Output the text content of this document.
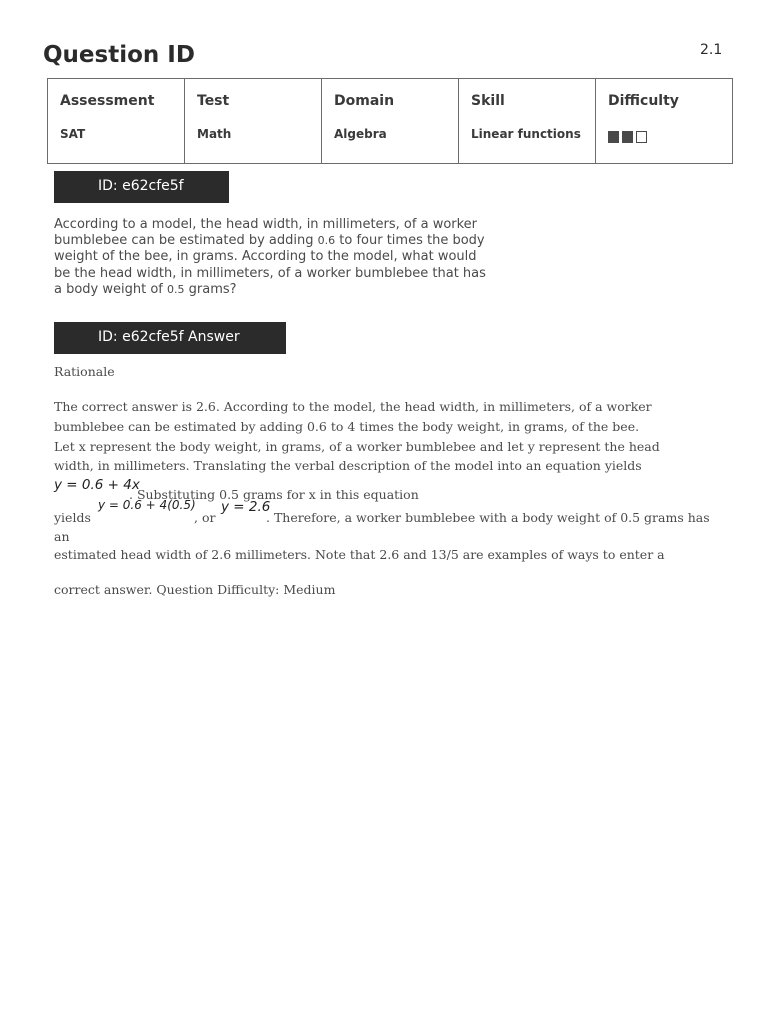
Question ID	2.1
Assessment	Test	Domain	Skill	Difficulty
SAT	Math	Algebra	Linear functions	
ID: e62cfe5f

According to a model, the head width, in millimeters, of a worker bumblebee can be estimated by adding 0.6 to four times the body weight of the bee, in grams. According to the model, what would be the head width, in millimeters, of a worker bumblebee that has a body weight of 0.5 grams?

ID: e62cfe5f Answer
Rationale
The correct answer is 2.6. According to the model, the head width, in millimeters, of a worker
bumblebee can be estimated by adding 0.6 to 4 times the body weight, in grams, of the bee.
Let x represent the body weight, in grams, of a worker bumblebee and let y represent the head
width, in millimeters. Translating the verbal description of the model into an equation yields
y = 0.6 + 4x
. Substituting 0.5 grams for x in this equation
yields
y = 0.6 + 4(0.5)
, or
y = 2.6
. Therefore, a worker bumblebee with a body weight of 0.5 grams has
an
estimated head width of 2.6 millimeters. Note that 2.6 and 13/5 are examples of ways to enter a
correct answer. Question Difficulty: Medium
